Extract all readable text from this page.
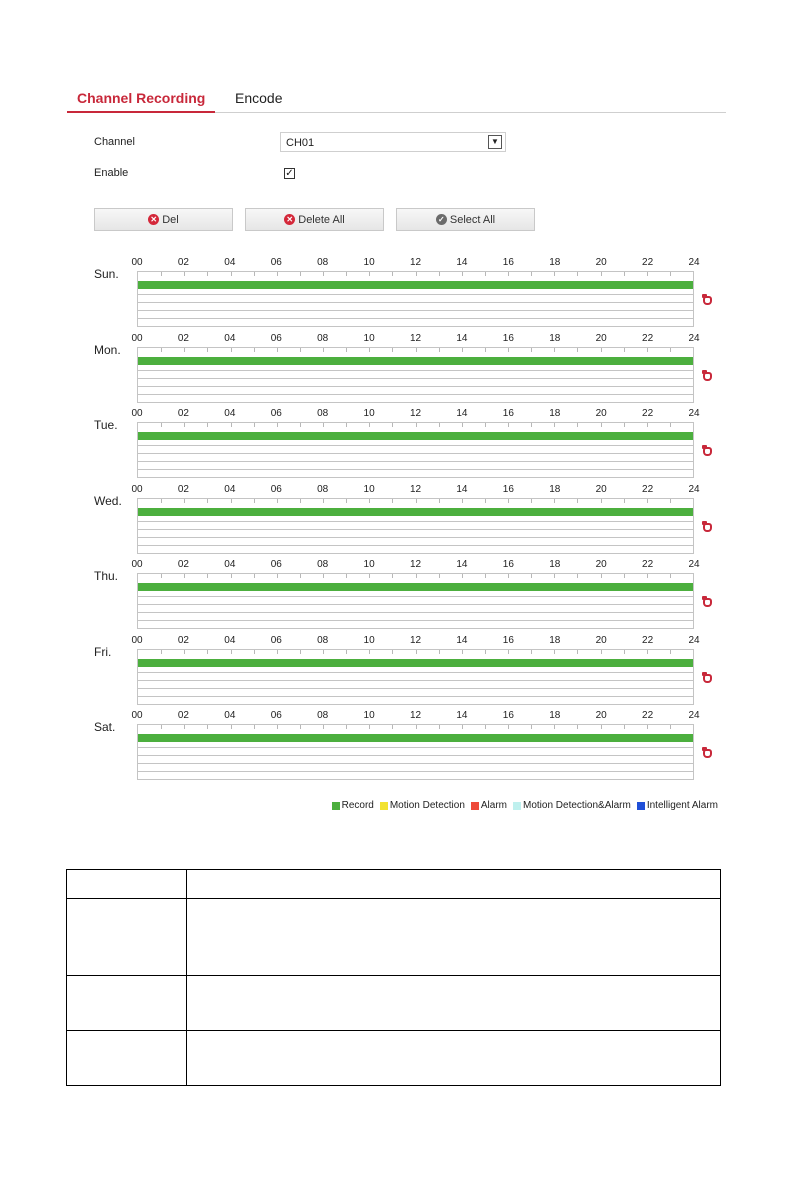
Channel Recording Encode
Channel	CH01	▼
Enable	✓
✕ Del	✕ Delete All	✓ Select All
Sun.
00	02	04	06	08	10	12	14	16	18	20	22	24
Mon.
00	02	04	06	08	10	12	14	16	18	20	22	24
Tue.
00	02	04	06	08	10	12	14	16	18	20	22	24
Wed.
00	02	04	06	08	10	12	14	16	18	20	22	24
Thu.
00	02	04	06	08	10	12	14	16	18	20	22	24
Fri.
00	02	04	06	08	10	12	14	16	18	20	22	24
Sat.
00	02	04	06	08	10	12	14	16	18	20	22	24
Record Motion Detection Alarm Motion Detection&Alarm Intelligent Alarm
